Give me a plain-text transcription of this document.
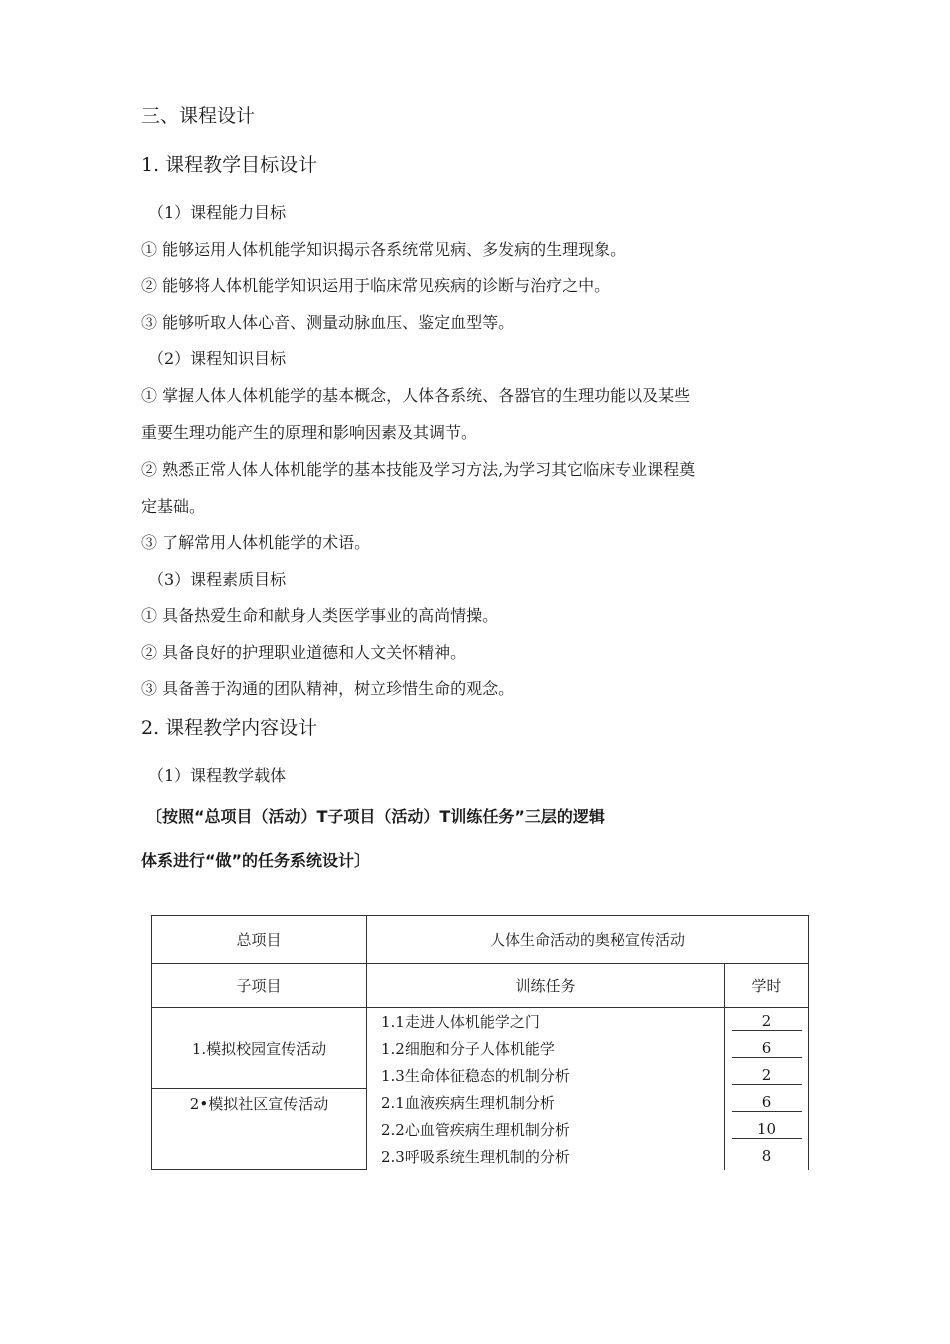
三、课程设计
1. 课程教学目标设计
（1）课程能力目标
① 能够运用人体机能学知识揭示各系统常见病、多发病的生理现象。
② 能够将人体机能学知识运用于临床常见疾病的诊断与治疗之中。
③ 能够听取人体心音、测量动脉血压、鉴定血型等。
（2）课程知识目标
① 掌握人体人体机能学的基本概念，人体各系统、各器官的生理功能以及某些
重要生理功能产生的原理和影响因素及其调节。
② 熟悉正常人体人体机能学的基本技能及学习方法,为学习其它临床专业课程奠
定基础。
③ 了解常用人体机能学的术语。
（3）课程素质目标
① 具备热爱生命和献身人类医学事业的高尚情操。
② 具备良好的护理职业道德和人文关怀精神。
③ 具备善于沟通的团队精神，树立珍惜生命的观念。
2. 课程教学内容设计
（1）课程教学载体
〔按照“总项目（活动）T子项目（活动）T训练任务”三层的逻辑
体系进行“做”的任务系统设计〕
总项目	人体生命活动的奥秘宣传活动	
子项目	训练任务	学时
1.模拟校园宣传活动	1.1走进人体机能学之门	2
	1.2细胞和分子人体机能学	6
	1.3生命体征稳态的机制分析	2
2•模拟社区宣传活动	2.1血液疾病生理机制分析	6
	2.2心血管疾病生理机制分析	10
	2.3呼吸系统生理机制的分析	8
